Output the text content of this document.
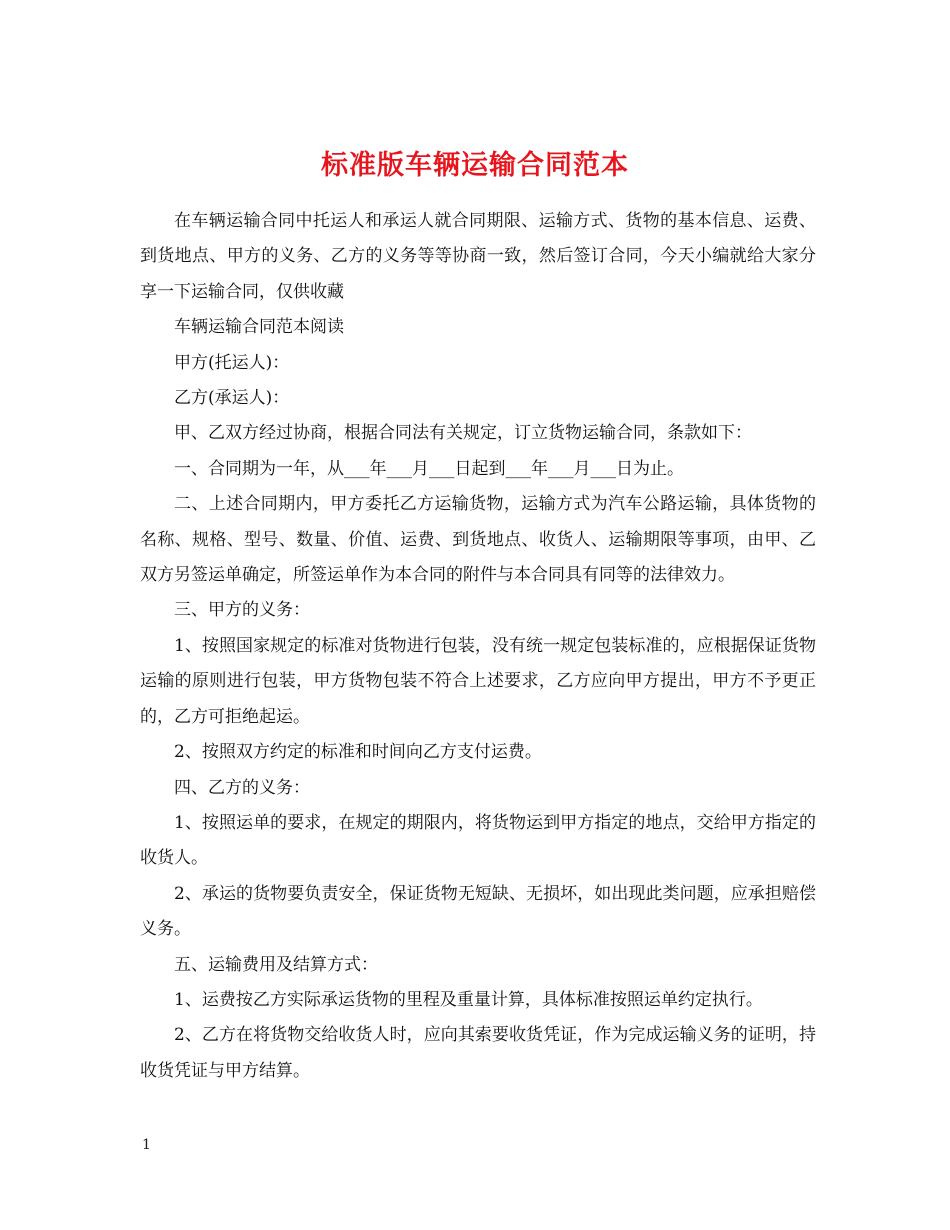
标准版车辆运输合同范本

在车辆运输合同中托运人和承运人就合同期限、运输方式、货物的基本信息、运费、到货地点、甲方的义务、乙方的义务等等协商一致，然后签订合同，今天小编就给大家分享一下运输合同，仅供收藏

车辆运输合同范本阅读

甲方(托运人)：

乙方(承运人)：

甲、乙双方经过协商，根据合同法有关规定，订立货物运输合同，条款如下：

一、合同期为一年，从___年___月___日起到___年___月___日为止。

二、上述合同期内，甲方委托乙方运输货物，运输方式为汽车公路运输，具体货物的名称、规格、型号、数量、价值、运费、到货地点、收货人、运输期限等事项，由甲、乙双方另签运单确定，所签运单作为本合同的附件与本合同具有同等的法律效力。

三、甲方的义务：

1、按照国家规定的标准对货物进行包装，没有统一规定包装标准的，应根据保证货物运输的原则进行包装，甲方货物包装不符合上述要求，乙方应向甲方提出，甲方不予更正的，乙方可拒绝起运。

2、按照双方约定的标准和时间向乙方支付运费。

四、乙方的义务：

1、按照运单的要求，在规定的期限内，将货物运到甲方指定的地点，交给甲方指定的收货人。

2、承运的货物要负责安全，保证货物无短缺、无损坏，如出现此类问题，应承担赔偿义务。

五、运输费用及结算方式：

1、运费按乙方实际承运货物的里程及重量计算，具体标准按照运单约定执行。

2、乙方在将货物交给收货人时，应向其索要收货凭证，作为完成运输义务的证明，持收货凭证与甲方结算。

1
